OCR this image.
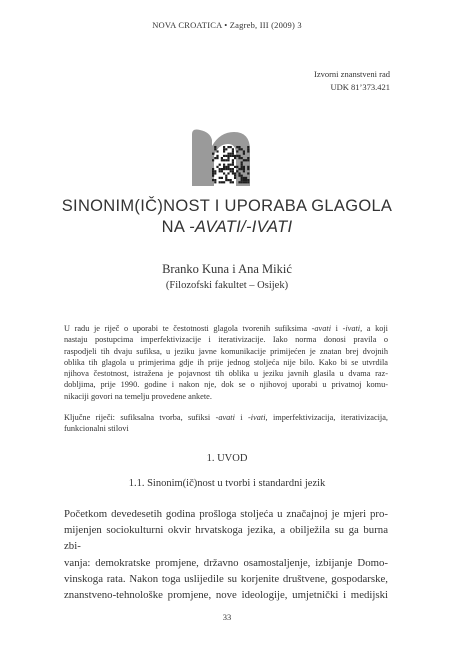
NOVA CROATICA • Zagreb, III (2009) 3
Izvorni znanstveni rad
UDK 81’373.421
SINONIM(IČ)NOST I UPORABA GLAGOLA
NA -AVATI/-IVATI
Branko Kuna i Ana Mikić
(Filozofski fakultet – Osijek)
U radu je riječ o uporabi te čestotnosti glagola tvorenih sufiksima -avati i -ivati, a koji
nastaju postupcima imperfektivizacije i iterativizacije. Iako norma donosi pravila o
raspodjeli tih dvaju sufiksa, u jeziku javne komunikacije primijećen je znatan brej dvojnih
oblika tih glagola u primjerima gdje ih prije jednog stoljeća nije bilo. Kako bi se utvrdila
njihova čestotnost, istražena je pojavnost tih oblika u jeziku javnih glasila u dvama raz-
dobljima, prije 1990. godine i nakon nje, dok se o njihovoj uporabi u privatnoj komu-
nikaciji govori na temelju provedene ankete.
Ključne riječi: sufiksalna tvorba, sufiksi -avati i -ivati, imperfektivizacija, iterativizacija,
funkcionalni stilovi
1. UVOD
1.1. Sinonim(ič)nost u tvorbi i standardni jezik
Početkom devedesetih godina prošloga stoljeća u značajnoj je mjeri pro-
mijenjen sociokulturni okvir hrvatskoga jezika, a obilježila su ga burna zbi-
vanja: demokratske promjene, državno osamostaljenje, izbijanje Domo-
vinskoga rata. Nakon toga uslijedile su korjenite društvene, gospodarske,
znanstveno-tehnološke promjene, nove ideologije, umjetnički i medijski
33
